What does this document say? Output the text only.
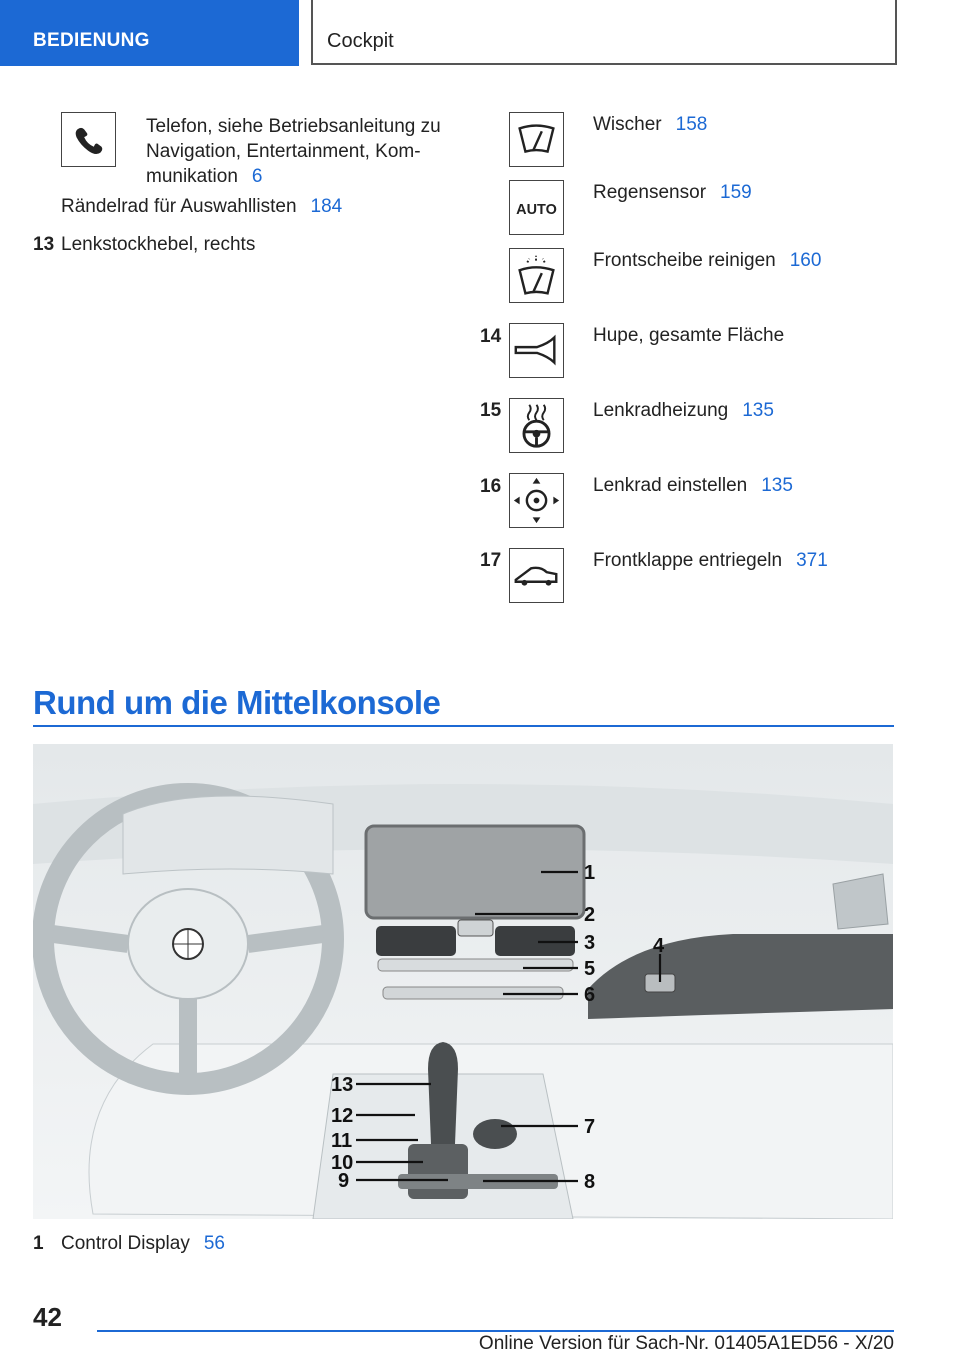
BEDIENUNG	Cockpit
Telefon, siehe Betriebsanleitung zu Navigation, Entertainment, Kom-
munikation 6
Rändelrad für Auswahllisten 184
13 Lenkstockhebel, rechts
Wischer 158
AUTO
Regensensor 159
Frontscheibe reinigen 160
14	Hupe, gesamte Fläche
15	Lenkradheizung 135
16	Lenkrad einstellen 135
17	Frontklappe entriegeln 371
Rund um die Mittelkonsole
1
2
3	4
5
6
7
8
9
10
11
12
13
1 Control Display 56
42
Online Version für Sach-Nr. 01405A1ED56 - X/20
